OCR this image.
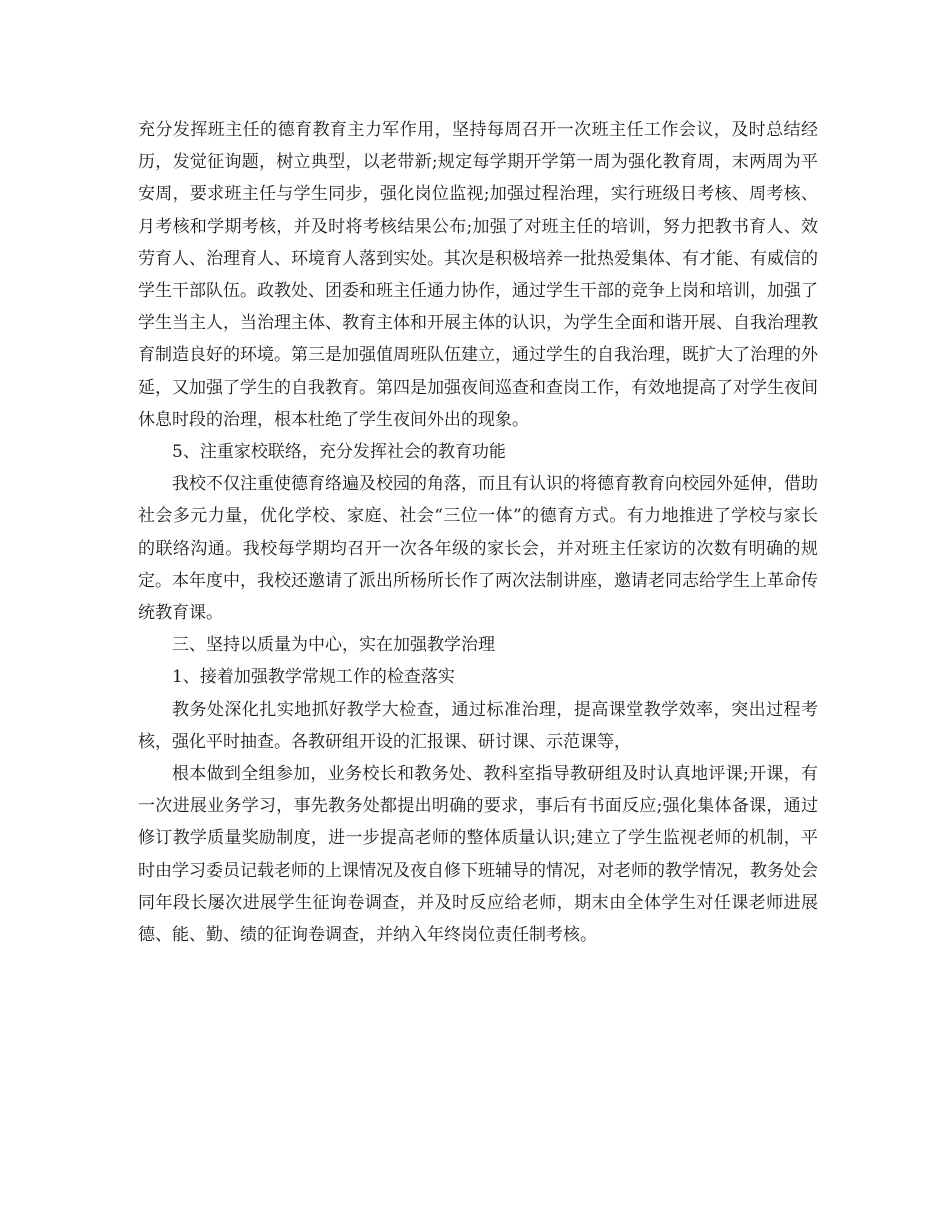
充分发挥班主任的德育教育主力军作用，坚持每周召开一次班主任工作会议，及时总结经历，发觉征询题，树立典型，以老带新;规定每学期开学第一周为强化教育周，末两周为平安周，要求班主任与学生同步，强化岗位监视;加强过程治理，实行班级日考核、周考核、月考核和学期考核，并及时将考核结果公布;加强了对班主任的培训，努力把教书育人、效劳育人、治理育人、环境育人落到实处。其次是积极培养一批热爱集体、有才能、有威信的学生干部队伍。政教处、团委和班主任通力协作，通过学生干部的竞争上岗和培训，加强了学生当主人，当治理主体、教育主体和开展主体的认识，为学生全面和谐开展、自我治理教育制造良好的环境。第三是加强值周班队伍建立，通过学生的自我治理，既扩大了治理的外延，又加强了学生的自我教育。第四是加强夜间巡查和查岗工作，有效地提高了对学生夜间休息时段的治理，根本杜绝了学生夜间外出的现象。

5、注重家校联络，充分发挥社会的教育功能

我校不仅注重使德育络遍及校园的角落，而且有认识的将德育教育向校园外延伸，借助社会多元力量，优化学校、家庭、社会“三位一体”的德育方式。有力地推进了学校与家长的联络沟通。我校每学期均召开一次各年级的家长会，并对班主任家访的次数有明确的规定。本年度中，我校还邀请了派出所杨所长作了两次法制讲座，邀请老同志给学生上革命传统教育课。

三、坚持以质量为中心，实在加强教学治理

1、接着加强教学常规工作的检查落实

教务处深化扎实地抓好教学大检查，通过标准治理，提高课堂教学效率，突出过程考核，强化平时抽查。各教研组开设的汇报课、研讨课、示范课等，

根本做到全组参加，业务校长和教务处、教科室指导教研组及时认真地评课;开课，有一次进展业务学习，事先教务处都提出明确的要求，事后有书面反应;强化集体备课，通过修订教学质量奖励制度，进一步提高老师的整体质量认识;建立了学生监视老师的机制，平时由学习委员记载老师的上课情况及夜自修下班辅导的情况，对老师的教学情况，教务处会同年段长屡次进展学生征询卷调查，并及时反应给老师，期末由全体学生对任课老师进展德、能、勤、绩的征询卷调查，并纳入年终岗位责任制考核。
